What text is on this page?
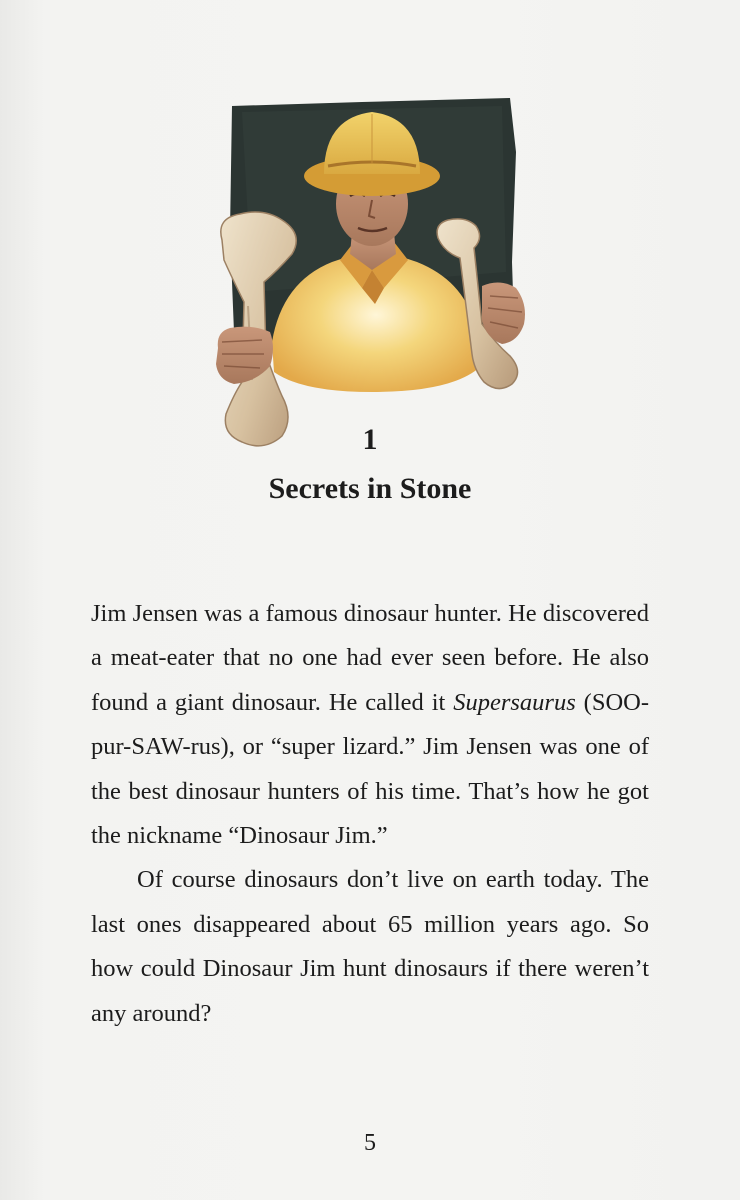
1
Secrets in Stone

Jim Jensen was a famous dinosaur hunter. He discovered a meat-eater that no one had ever seen before. He also found a giant dinosaur. He called it Supersaurus (SOO-pur-SAW-rus), or “super lizard.” Jim Jensen was one of the best dinosaur hunters of his time. That’s how he got the nickname “Dinosaur Jim.”

Of course dinosaurs don’t live on earth today. The last ones disappeared about 65 million years ago. So how could Dinosaur Jim hunt dinosaurs if there weren’t any around?

5
